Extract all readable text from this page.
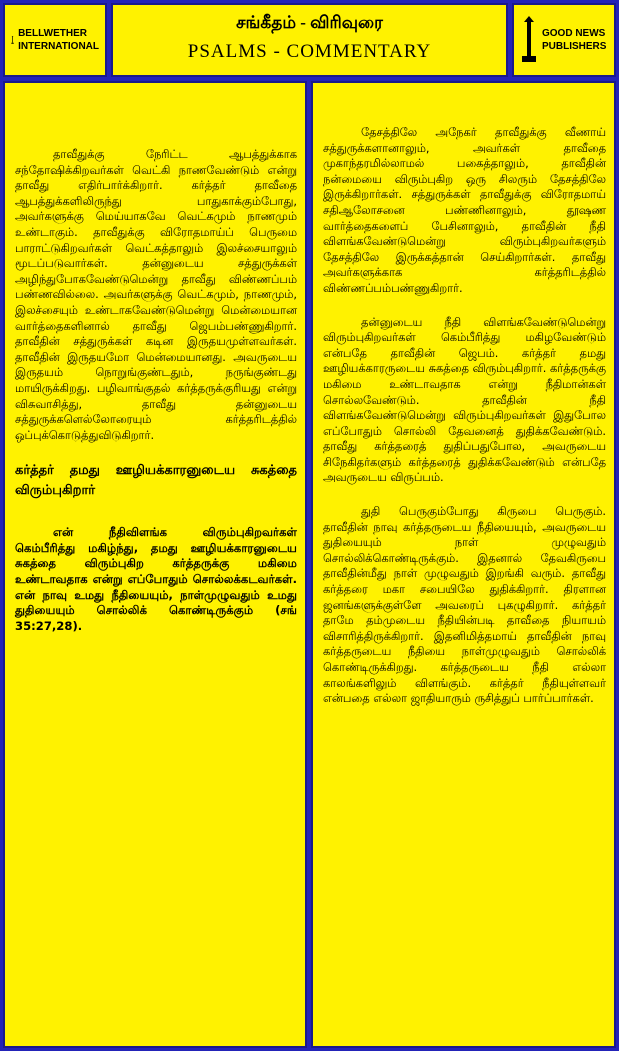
BELLWETHER
INTERNATIONAL
சங்கீதம் - விரிவுரை
PSALMS - COMMENTARY
GOOD NEWS
PUBLISHERS

தாவீதுக்கு நேரிட்ட ஆபத்துக்காக சந்தோஷிக்கிறவர்கள் வெட்கி நாணவேண்டும் என்று தாவீது எதிர்பார்க்கிறார். கர்த்தர் தாவீதை ஆபத்துக்களிலிருந்து பாதுகாக்கும்போது, அவர்களுக்கு மெய்யாகவே வெட்கமும் நாணமும் உண்டாகும். தாவீதுக்கு விரோதமாய்ப் பெருமை பாராட்டுகிறவர்கள் வெட்கத்தாலும் இலச்சையாலும் மூடப்படுவார்கள். தன்னுடைய சத்துருக்கள் அழிந்துபோகவேண்டுமென்று தாவீது விண்ணப்பம் பண்ணவில்லை. அவர்களுக்கு வெட்கமும், நாணமும், இலச்சையும் உண்டாகவேண்டுமென்று மென்மையான வார்த்தைகளினால் தாவீது ஜெபம்பண்ணுகிறார். தாவீதின் சத்துருக்கள் கடின இருதயமுள்ளவர்கள். தாவீதின் இருதயமோ மென்மையானது. அவருடைய இருதயம் நொறுங்குண்டதும், நருங்குண்டது மாயிருக்கிறது. பழிவாங்குதல் கர்த்தருக்குரியது என்று விசுவாசித்து, தாவீது தன்னுடைய சத்துருக்களெல்லோரையும் கர்த்தரிடத்தில் ஒப்புக்கொடுத்துவிடுகிறார்.

கர்த்தர் தமது ஊழியக்காரனுடைய சுகத்தை விரும்புகிறார்

என் நீதிவிளங்க விரும்புகிறவர்கள் கெம்பீரித்து மகிழ்ந்து, தமது ஊழியக்காரனுடைய சுகத்தை விரும்புகிற கர்த்தருக்கு மகிமை உண்டாவதாக என்று எப்போதும் சொல்லக்கடவர்கள். என் நாவு உமது நீதியையும், நாள்முழுவதும் உமது துதியையும் சொல்லிக் கொண்டிருக்கும் (சங் 35:27,28).

தேசத்திலே அநேகர் தாவீதுக்கு வீணாய் சத்துருக்களானாலும், அவர்கள் தாவீதை முகாந்தரமில்லாமல் பகைத்தாலும், தாவீதின் நன்மையை விரும்புகிற ஒரு சிலரும் தேசத்திலே இருக்கிறார்கள். சத்துருக்கள் தாவீதுக்கு விரோதமாய் சதிஆலோசனை பண்ணினாலும், தூஷண வார்த்தைகளைப் பேசினாலும், தாவீதின் நீதி விளங்கவேண்டுமென்று விரும்புகிறவர்களும் தேசத்திலே இருக்கத்தான் செய்கிறார்கள். தாவீது அவர்களுக்காக கர்த்தரிடத்தில் விண்ணப்பம்பண்ணுகிறார்.

தன்னுடைய நீதி விளங்கவேண்டுமென்று விரும்புகிறவர்கள் கெம்பீரித்து மகிழவேண்டும் என்பதே தாவீதின் ஜெபம். கர்த்தர் தமது ஊழியக்காரருடைய சுகத்தை விரும்புகிறார். கர்த்தருக்கு மகிமை உண்டாவதாக என்று நீதிமான்கள் சொல்லவேண்டும். தாவீதின் நீதி விளங்கவேண்டுமென்று விரும்புகிறவர்கள் இதுபோல எப்போதும் சொல்லி தேவனைத் துதிக்கவேண்டும். தாவீது கர்த்தரைத் துதிப்பதுபோல, அவருடைய சிநேகிதர்களும் கர்த்தரைத் துதிக்கவேண்டும் என்பதே அவருடைய விருப்பம்.

துதி பெருகும்போது கிருபை பெருகும். தாவீதின் நாவு கர்த்தருடைய நீதியையும், அவருடைய துதியையும் நாள் முழுவதும் சொல்லிக்கொண்டிருக்கும். இதனால் தேவகிருபை தாவீதின்மீது நாள் முழுவதும் இறங்கி வரும். தாவீது கர்த்தரை மகா சபையிலே துதிக்கிறார். திரளான ஜனங்களுக்குள்ளே அவரைப் புகழுகிறார். கர்த்தர் தாமே தம்முடைய நீதியின்படி தாவீதை நியாயம் விசாரித்திருக்கிறார். இதனிமித்தமாய் தாவீதின் நாவு கர்த்தருடைய நீதியை நாள்முழுவதும் சொல்லிக் கொண்டிருக்கிறது. கர்த்தருடைய நீதி எல்லா காலங்களிலும் விளங்கும். கர்த்தர் நீதியுள்ளவர் என்பதை எல்லா ஜாதியாரும் ருசித்துப் பார்ப்பார்கள்.
